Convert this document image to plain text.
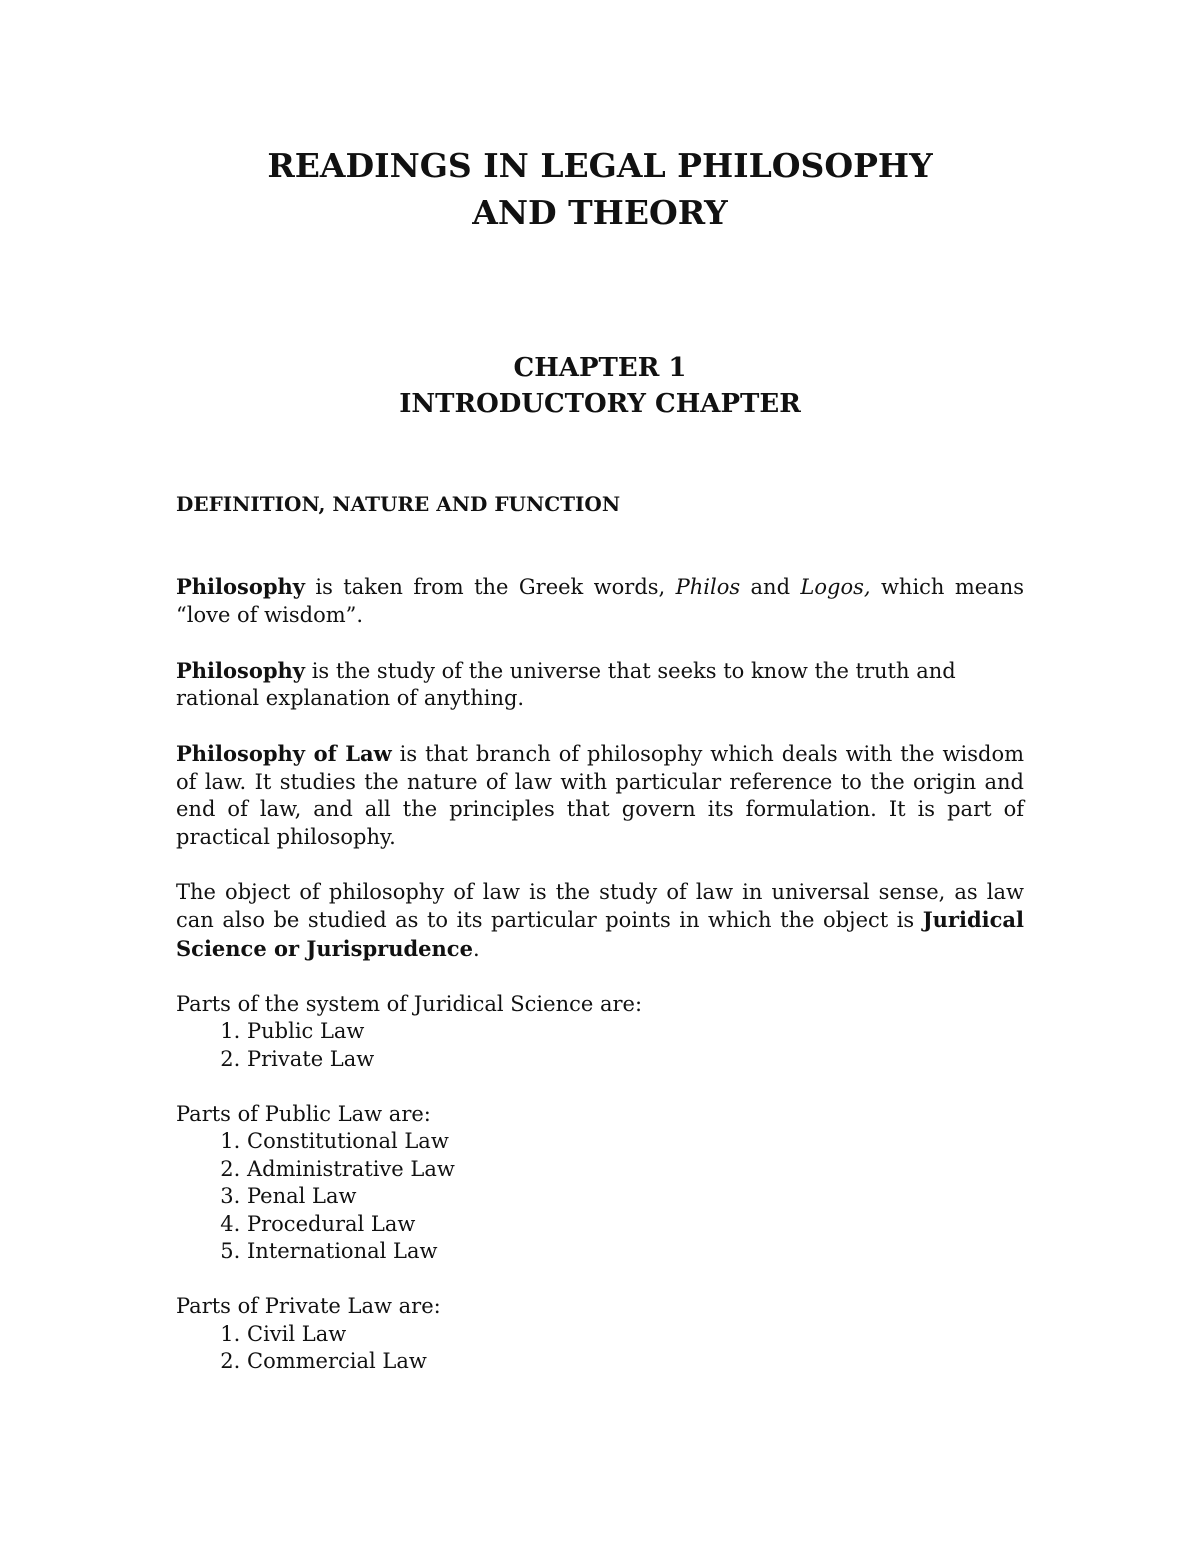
READINGS IN LEGAL PHILOSOPHY
AND THEORY
CHAPTER 1
INTRODUCTORY CHAPTER
DEFINITION, NATURE AND FUNCTION

Philosophy is taken from the Greek words, Philos and Logos, which means “love of wisdom”.

Philosophy is the study of the universe that seeks to know the truth and rational explanation of anything.

Philosophy of Law is that branch of philosophy which deals with the wisdom of law. It studies the nature of law with particular reference to the origin and end of law, and all the principles that govern its formulation. It is part of practical philosophy.

The object of philosophy of law is the study of law in universal sense, as law can also be studied as to its particular points in which the object is Juridical Science or Jurisprudence.

Parts of the system of Juridical Science are:
1. Public Law
2. Private Law
Parts of Public Law are:
1. Constitutional Law
2. Administrative Law
3. Penal Law
4. Procedural Law
5. International Law
Parts of Private Law are:
1. Civil Law
2. Commercial Law
